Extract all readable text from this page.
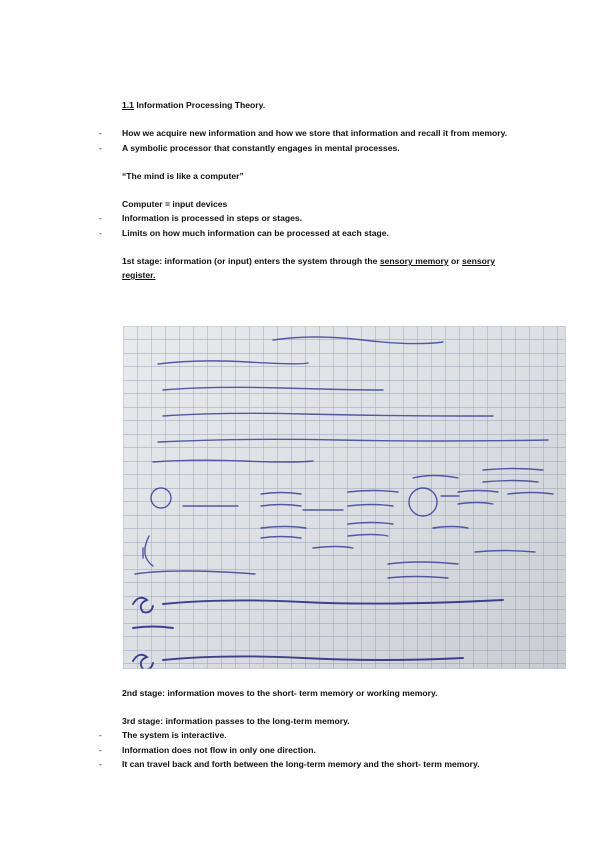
1.1 Information Processing Theory.
- How we acquire new information and how we store that information and recall it from memory.
- A symbolic processor that constantly engages in mental processes.
“The mind is like a computer”
Computer = input devices
- Information is processed in steps or stages.
- Limits on how much information can be processed at each stage.
1st stage: information (or input) enters the system through the sensory memory or sensory
register.
2nd stage: information moves to the short- term memory or working memory.
3rd stage: information passes to the long-term memory.
- The system is interactive.
- Information does not flow in only one direction.
- It can travel back and forth between the long-term memory and the short- term memory.
